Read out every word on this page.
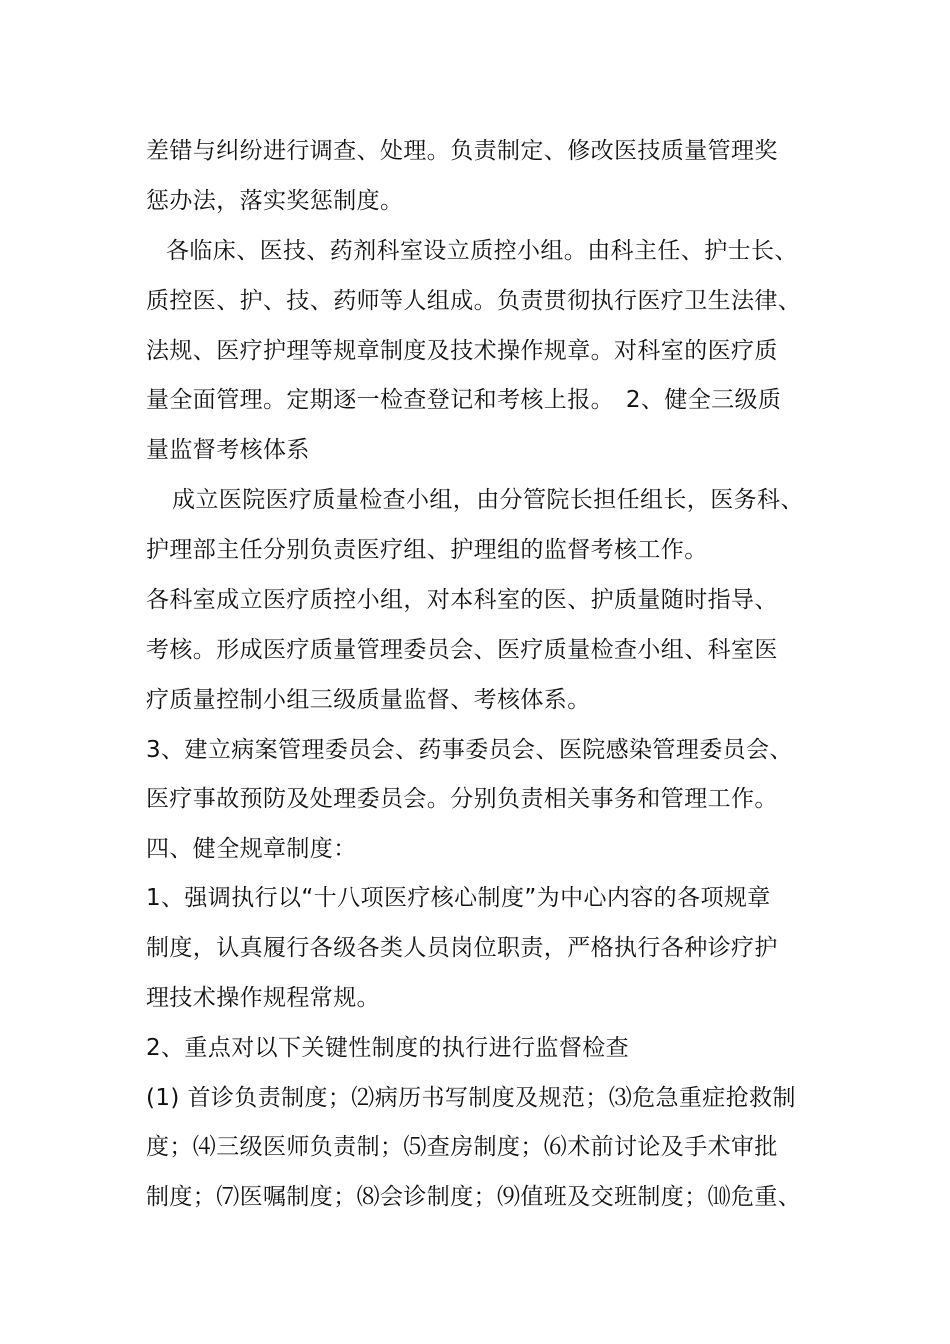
差错与纠纷进行调查、处理。负责制定、修改医技质量管理奖
惩办法，落实奖惩制度。
各临床、医技、药剂科室设立质控小组。由科主任、护士长、
质控医、护、技、药师等人组成。负责贯彻执行医疗卫生法律、
法规、医疗护理等规章制度及技术操作规章。对科室的医疗质
量全面管理。定期逐一检查登记和考核上报。　2、健全三级质
量监督考核体系
成立医院医疗质量检查小组，由分管院长担任组长，医务科、
护理部主任分别负责医疗组、护理组的监督考核工作。
各科室成立医疗质控小组，对本科室的医、护质量随时指导、
考核。形成医疗质量管理委员会、医疗质量检查小组、科室医
疗质量控制小组三级质量监督、考核体系。
3、建立病案管理委员会、药事委员会、医院感染管理委员会、
医疗事故预防及处理委员会。分别负责相关事务和管理工作。
四、健全规章制度：
1、强调执行以“十八项医疗核心制度”为中心内容的各项规章
制度，认真履行各级各类人员岗位职责，严格执行各种诊疗护
理技术操作规程常规。
2、重点对以下关键性制度的执行进行监督检查
(1) 首诊负责制度；⑵病历书写制度及规范；⑶危急重症抢救制
度；⑷三级医师负责制；⑸查房制度；⑹术前讨论及手术审批
制度；⑺医嘱制度；⑻会诊制度；⑼值班及交班制度；⑽危重、
